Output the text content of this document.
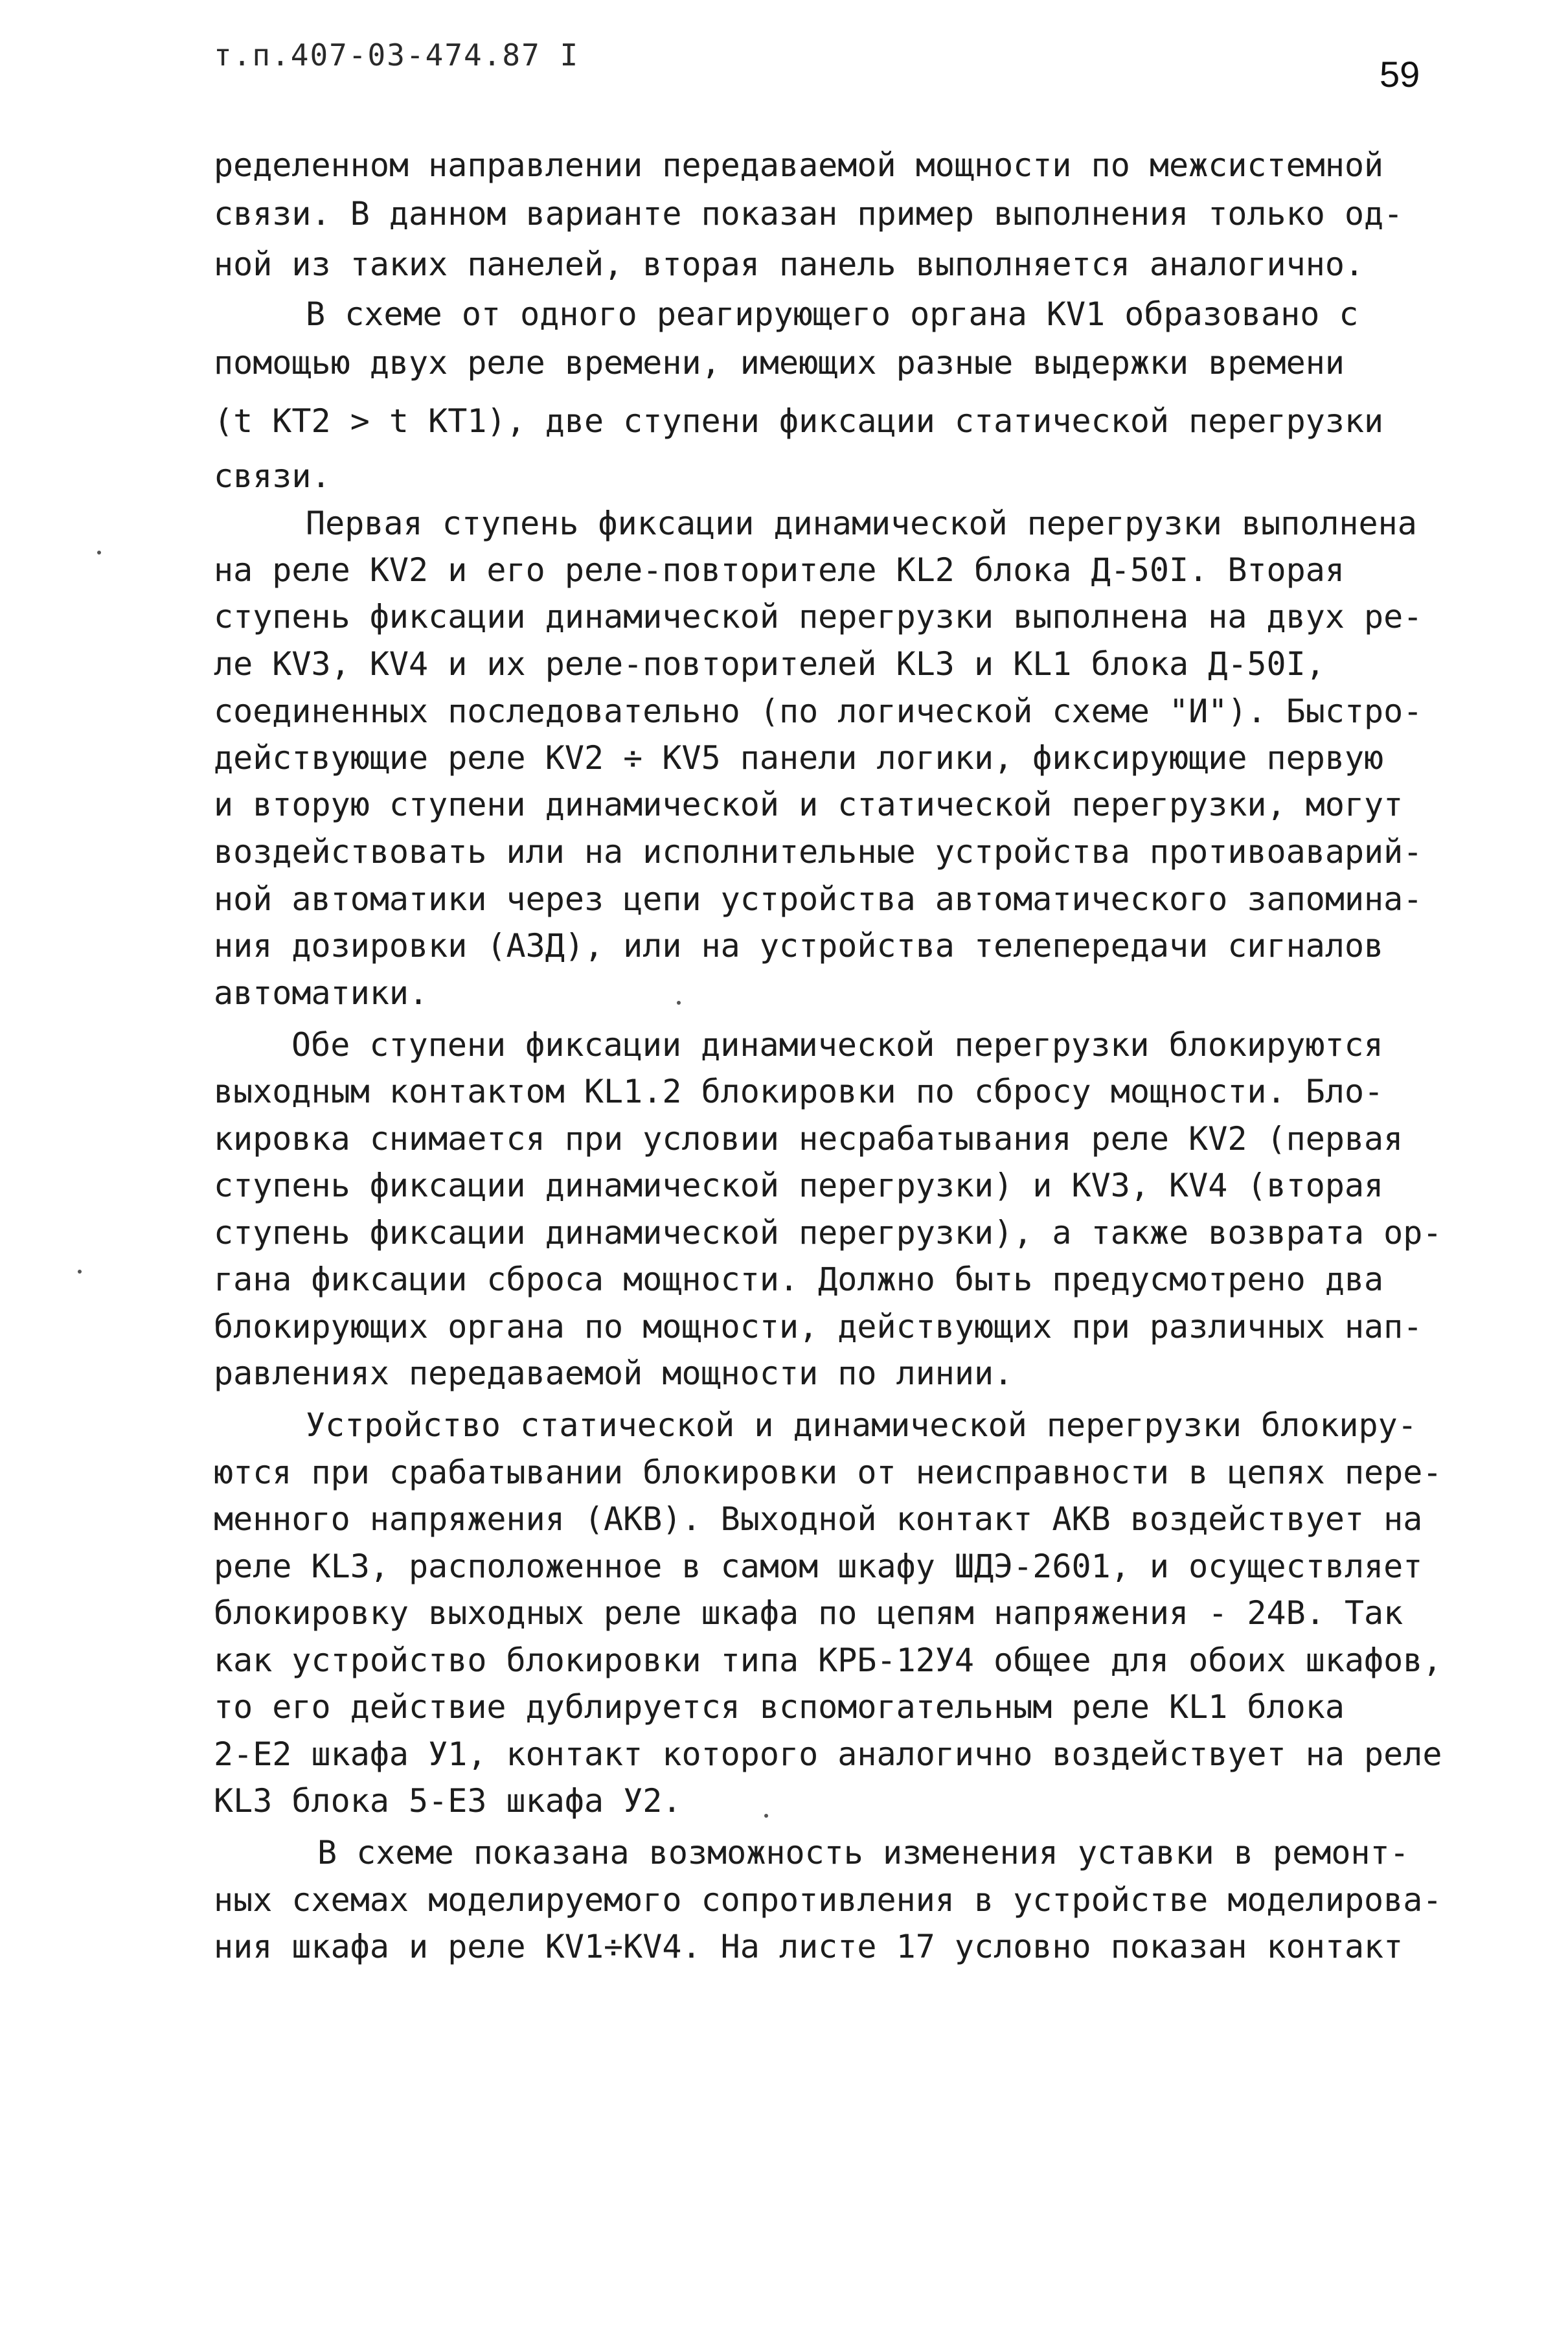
т.п.407-03-474.87 I	59
ределенном направлении передаваемой мощности по межсистемной
связи. В данном варианте показан пример выполнения только од-
ной из таких панелей, вторая панель выполняется аналогично.
В схеме от одного реагирующего органа KV1 образовано с
помощью двух реле времени, имеющих разные выдержки времени
(t KT2 > t KT1), две ступени фиксации статической перегрузки
связи.
Первая ступень фиксации динамической перегрузки выполнена
на реле KV2 и его реле-повторителе KL2 блока Д-50I. Вторая
ступень фиксации динамической перегрузки выполнена на двух ре-
ле KV3, KV4 и их реле-повторителей KL3 и KL1 блока Д-50I,
соединенных последовательно (по логической схеме "И"). Быстро-
действующие реле KV2 ÷ KV5 панели логики, фиксирующие первую
и вторую ступени динамической и статической перегрузки, могут
воздействовать или на исполнительные устройства противоаварий-
ной автоматики через цепи устройства автоматического запомина-
ния дозировки (АЗД), или на устройства телепередачи сигналов
автоматики.
Обе ступени фиксации динамической перегрузки блокируются
выходным контактом KL1.2 блокировки по сбросу мощности. Бло-
кировка снимается при условии несрабатывания реле KV2 (первая
ступень фиксации динамической перегрузки) и KV3, KV4 (вторая
ступень фиксации динамической перегрузки), а также возврата ор-
гана фиксации сброса мощности. Должно быть предусмотрено два
блокирующих органа по мощности, действующих при различных нап-
равлениях передаваемой мощности по линии.
Устройство статической и динамической перегрузки блокиру-
ются при срабатывании блокировки от неисправности в цепях пере-
менного напряжения (АКВ). Выходной контакт АКВ воздействует на
реле KL3, расположенное в самом шкафу ШДЭ-2601, и осуществляет
блокировку выходных реле шкафа по цепям напряжения - 24В. Так
как устройство блокировки типа КРБ-12У4 общее для обоих шкафов,
то его действие дублируется вспомогательным реле KL1 блока
2-Е2 шкафа У1, контакт которого аналогично воздействует на реле
KL3 блока 5-Е3 шкафа У2.
В схеме показана возможность изменения уставки в ремонт-
ных схемах моделируемого сопротивления в устройстве моделирова-
ния шкафа и реле KV1÷KV4. На листе 17 условно показан контакт
